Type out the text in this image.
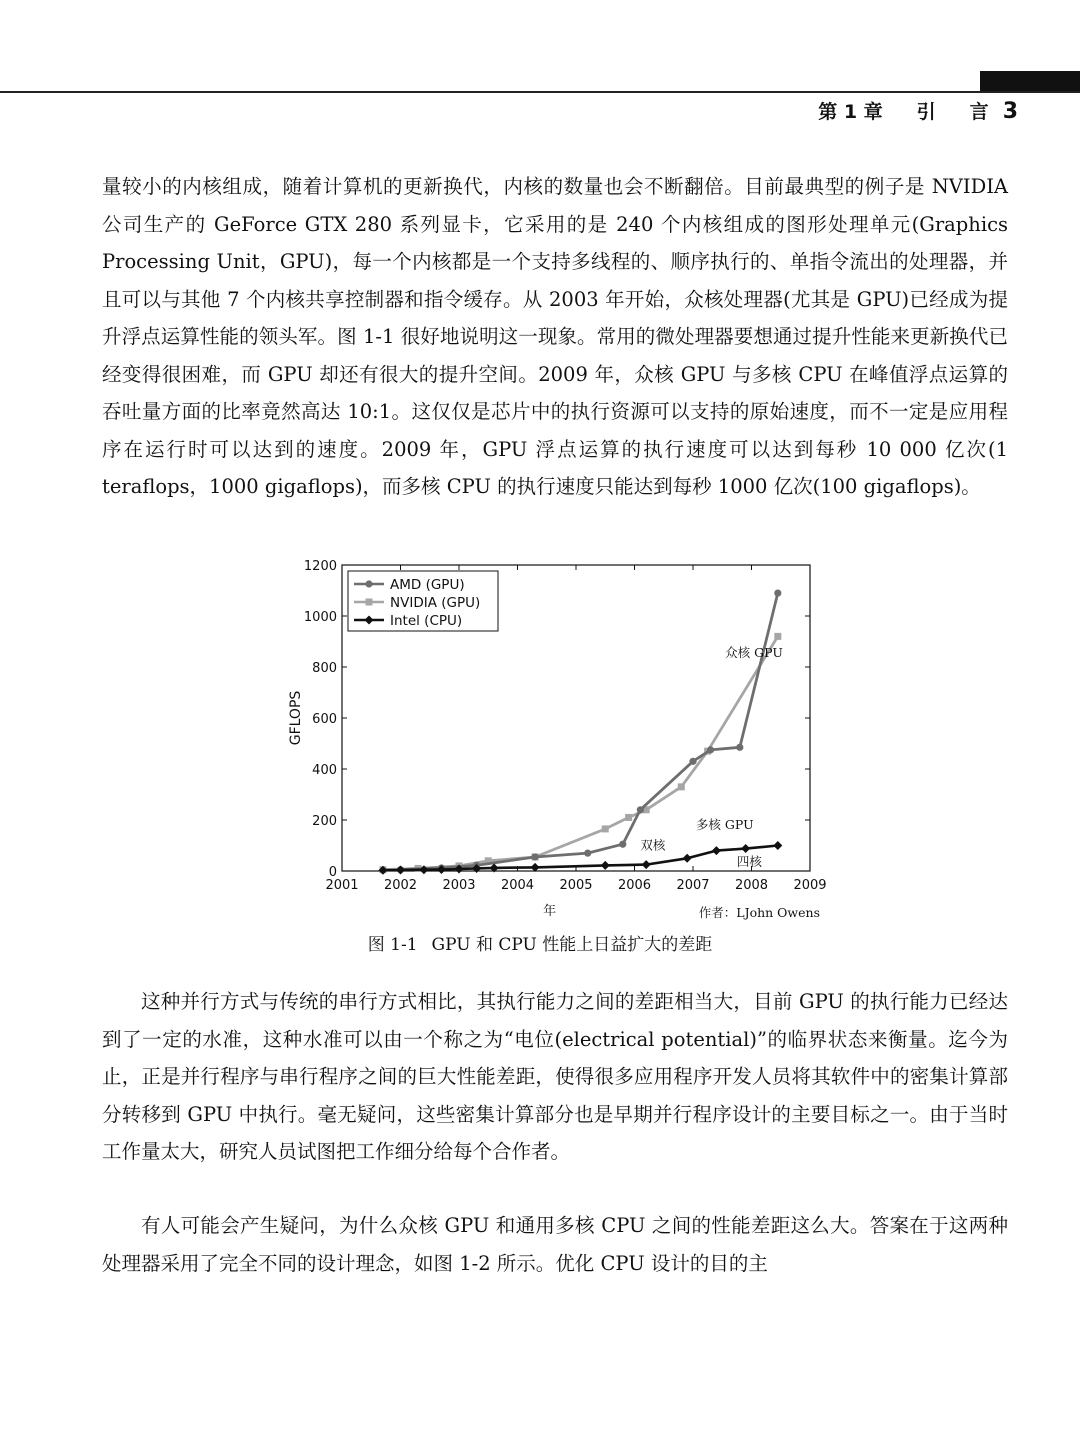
第 1 章 引 言 3

量较小的内核组成，随着计算机的更新换代，内核的数量也会不断翻倍。目前最典型的例子是 NVIDIA 公司生产的 GeForce GTX 280 系列显卡，它采用的是 240 个内核组成的图形处理单元(Graphics Processing Unit，GPU)，每一个内核都是一个支持多线程的、顺序执行的、单指令流出的处理器，并且可以与其他 7 个内核共享控制器和指令缓存。从 2003 年开始，众核处理器(尤其是 GPU)已经成为提升浮点运算性能的领头军。图 1-1 很好地说明这一现象。常用的微处理器要想通过提升性能来更新换代已经变得很困难，而 GPU 却还有很大的提升空间。2009 年，众核 GPU 与多核 CPU 在峰值浮点运算的吞吐量方面的比率竟然高达 10:1。这仅仅是芯片中的执行资源可以支持的原始速度，而不一定是应用程序在运行时可以达到的速度。2009 年，GPU 浮点运算的执行速度可以达到每秒 10 000 亿次(1 teraflops，1000 gigaflops)，而多核 CPU 的执行速度只能达到每秒 1000 亿次(100 gigaflops)。

2001 2002 2003 2004 2005 2006 2007 2008 2009
0
200
400
600
800
1000
1200
GFLOPS
年	作者：LJohn Owens
众核 GPU
多核 GPU
双核
四核
AMD (GPU)
NVIDIA (GPU)
Intel (CPU)
图 1-1 GPU 和 CPU 性能上日益扩大的差距

这种并行方式与传统的串行方式相比，其执行能力之间的差距相当大，目前 GPU 的执行能力已经达到了一定的水准，这种水准可以由一个称之为“电位(electrical potential)”的临界状态来衡量。迄今为止，正是并行程序与串行程序之间的巨大性能差距，使得很多应用程序开发人员将其软件中的密集计算部分转移到 GPU 中执行。毫无疑问，这些密集计算部分也是早期并行程序设计的主要目标之一。由于当时工作量太大，研究人员试图把工作细分给每个合作者。

有人可能会产生疑问，为什么众核 GPU 和通用多核 CPU 之间的性能差距这么大。答案在于这两种处理器采用了完全不同的设计理念，如图 1-2 所示。优化 CPU 设计的目的主
